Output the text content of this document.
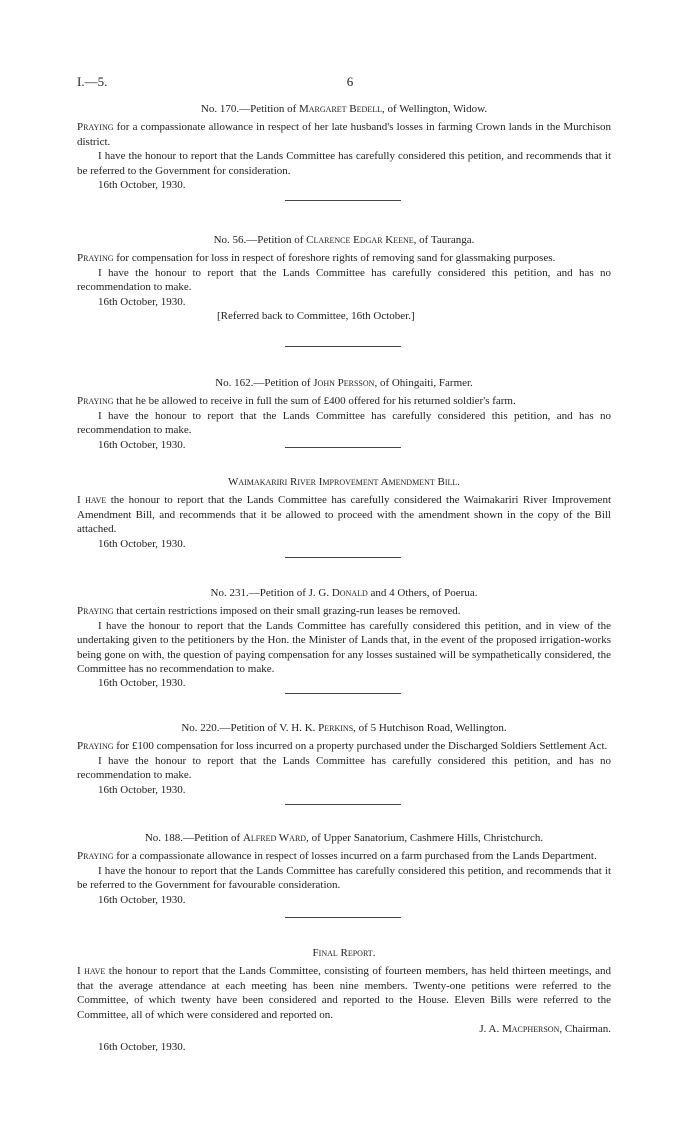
I.—5.	6

No. 170.—Petition of Margaret Bedell, of Wellington, Widow.

Praying for a compassionate allowance in respect of her late husband's losses in farming Crown lands in the Murchison district.

I have the honour to report that the Lands Committee has carefully considered this petition, and recommends that it be referred to the Government for consideration.

16th October, 1930.

No. 56.—Petition of Clarence Edgar Keene, of Tauranga.

Praying for compensation for loss in respect of foreshore rights of removing sand for glassmaking purposes.

I have the honour to report that the Lands Committee has carefully considered this petition, and has no recommendation to make.

16th October, 1930.

[Referred back to Committee, 16th October.]

No. 162.—Petition of John Persson, of Ohingaiti, Farmer.

Praying that he be allowed to receive in full the sum of £400 offered for his returned soldier's farm.

I have the honour to report that the Lands Committee has carefully considered this petition, and has no recommendation to make.

16th October, 1930.

Waimakariri River Improvement Amendment Bill.

I have the honour to report that the Lands Committee has carefully considered the Waimakariri River Improvement Amendment Bill, and recommends that it be allowed to proceed with the amendment shown in the copy of the Bill attached.

16th October, 1930.

No. 231.—Petition of J. G. Donald and 4 Others, of Poerua.

Praying that certain restrictions imposed on their small grazing-run leases be removed.

I have the honour to report that the Lands Committee has carefully considered this petition, and in view of the undertaking given to the petitioners by the Hon. the Minister of Lands that, in the event of the proposed irrigation-works being gone on with, the question of paying compensation for any losses sustained will be sympathetically considered, the Committee has no recommendation to make.

16th October, 1930.

No. 220.—Petition of V. H. K. Perkins, of 5 Hutchison Road, Wellington.

Praying for £100 compensation for loss incurred on a property purchased under the Discharged Soldiers Settlement Act.

I have the honour to report that the Lands Committee has carefully considered this petition, and has no recommendation to make.

16th October, 1930.

No. 188.—Petition of Alfred Ward, of Upper Sanatorium, Cashmere Hills, Christchurch.

Praying for a compassionate allowance in respect of losses incurred on a farm purchased from the Lands Department.

I have the honour to report that the Lands Committee has carefully considered this petition, and recommends that it be referred to the Government for favourable consideration.

16th October, 1930.

Final Report.

I have the honour to report that the Lands Committee, consisting of fourteen members, has held thirteen meetings, and that the average attendance at each meeting has been nine members. Twenty-one petitions were referred to the Committee, of which twenty have been considered and reported to the House. Eleven Bills were referred to the Committee, all of which were considered and reported on.

J. A. Macpherson, Chairman.

16th October, 1930.
